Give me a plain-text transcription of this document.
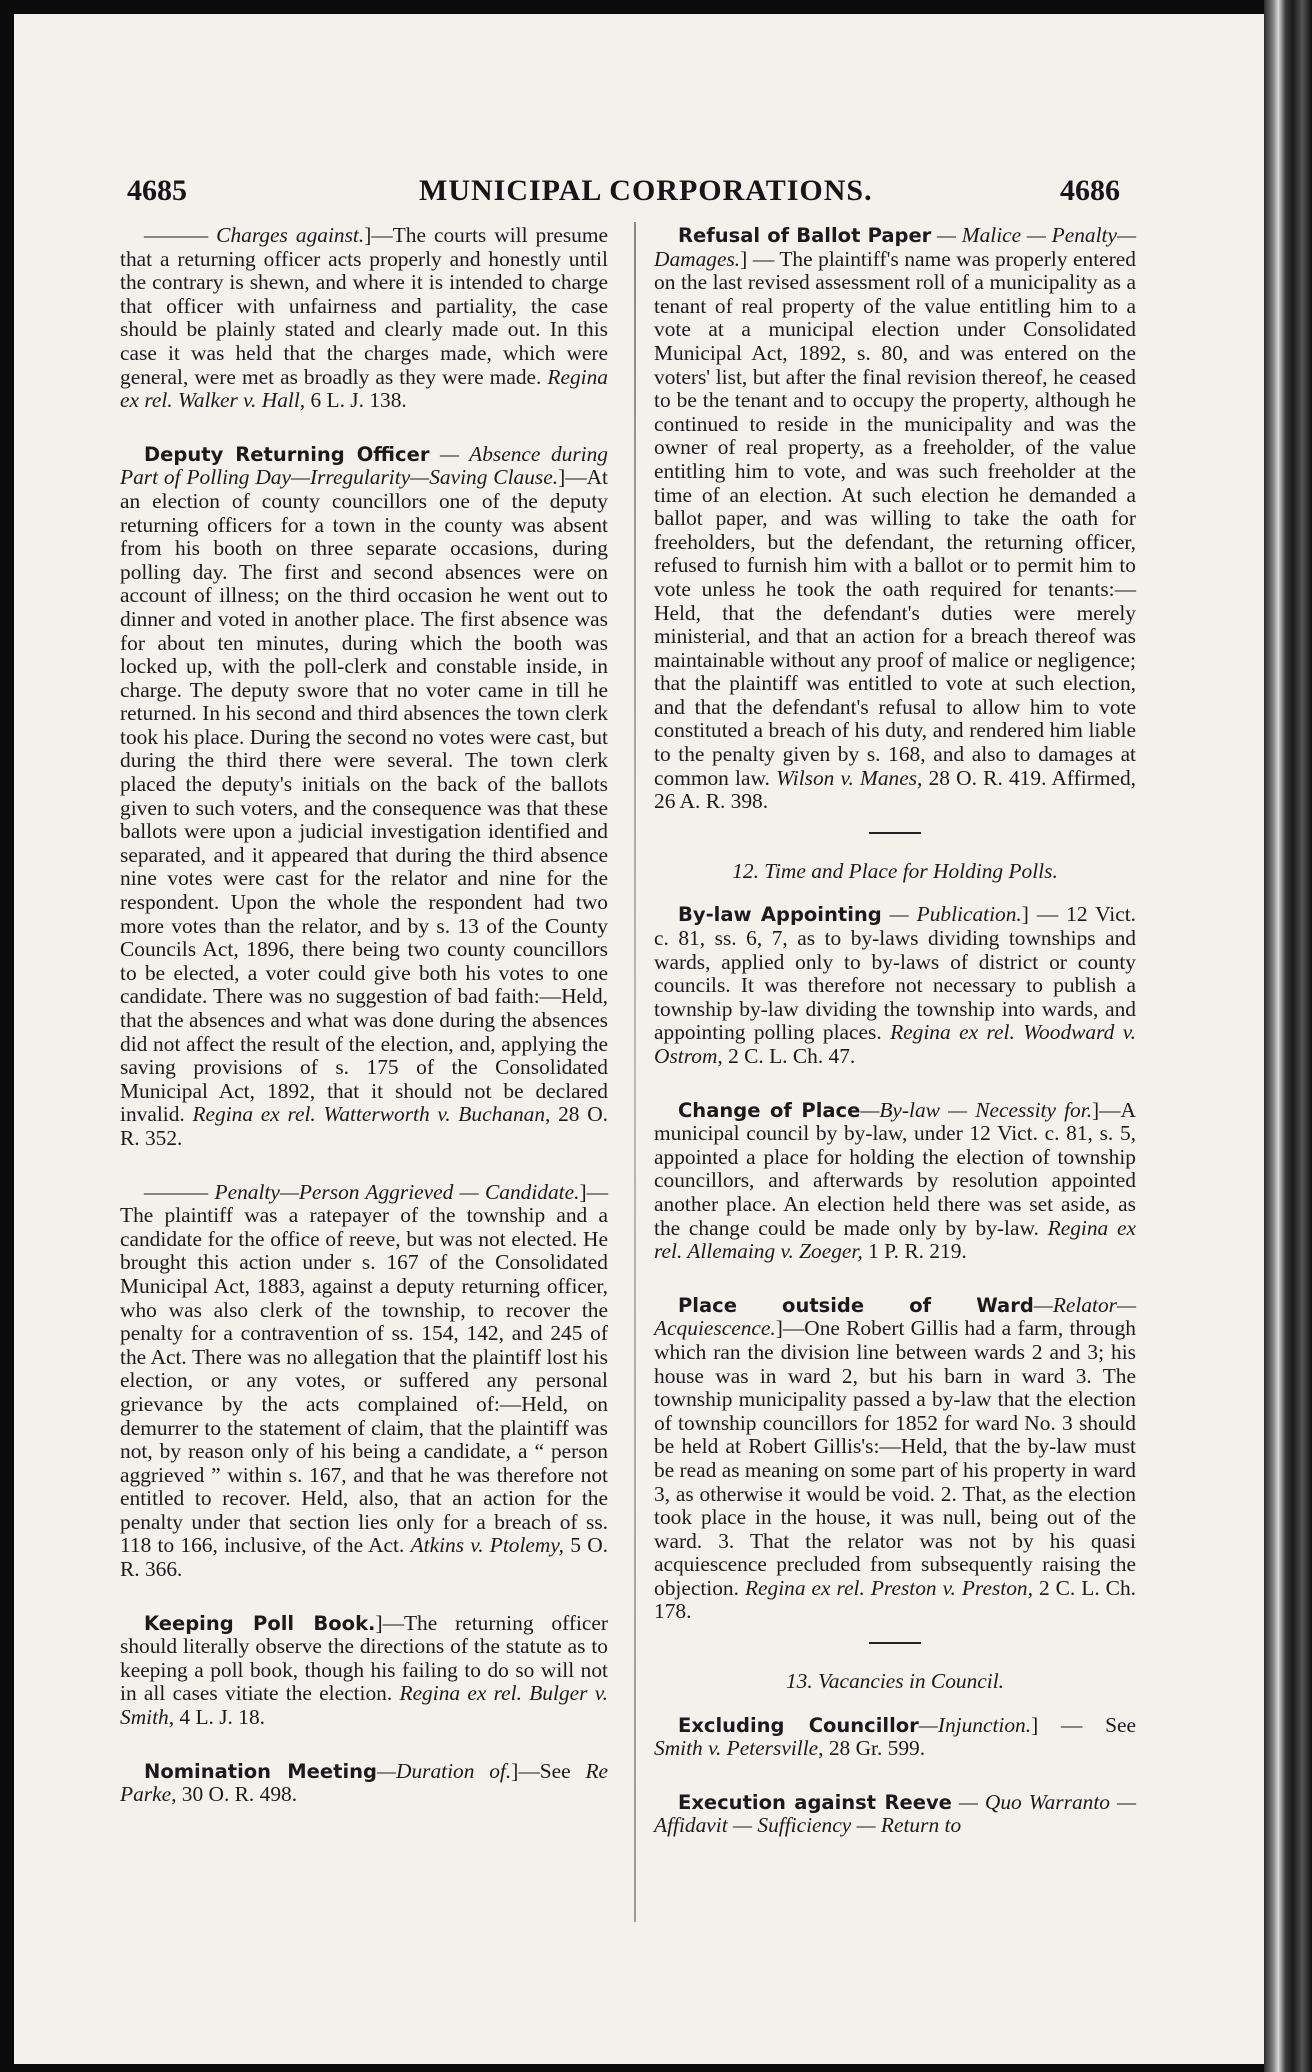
4685	MUNICIPAL CORPORATIONS.	4686

——— Charges against.]—The courts will presume that a returning officer acts properly and honestly until the contrary is shewn, and where it is intended to charge that officer with unfairness and partiality, the case should be plainly stated and clearly made out. In this case it was held that the charges made, which were general, were met as broadly as they were made. Regina ex rel. Walker v. Hall, 6 L. J. 138.

Deputy Returning Officer — Absence during Part of Polling Day—Irregularity—Saving Clause.]—At an election of county councillors one of the deputy returning officers for a town in the county was absent from his booth on three separate occasions, during polling day. The first and second absences were on account of illness; on the third occasion he went out to dinner and voted in another place. The first absence was for about ten minutes, during which the booth was locked up, with the poll-clerk and constable inside, in charge. The deputy swore that no voter came in till he returned. In his second and third absences the town clerk took his place. During the second no votes were cast, but during the third there were several. The town clerk placed the deputy's initials on the back of the ballots given to such voters, and the consequence was that these ballots were upon a judicial investigation identified and separated, and it appeared that during the third absence nine votes were cast for the relator and nine for the respondent. Upon the whole the respondent had two more votes than the relator, and by s. 13 of the County Councils Act, 1896, there being two county councillors to be elected, a voter could give both his votes to one candidate. There was no suggestion of bad faith:—Held, that the absences and what was done during the absences did not affect the result of the election, and, applying the saving provisions of s. 175 of the Consolidated Municipal Act, 1892, that it should not be declared invalid. Regina ex rel. Watterworth v. Buchanan, 28 O. R. 352.

——— Penalty—Person Aggrieved — Candidate.]—The plaintiff was a ratepayer of the township and a candidate for the office of reeve, but was not elected. He brought this action under s. 167 of the Consolidated Municipal Act, 1883, against a deputy returning officer, who was also clerk of the township, to recover the penalty for a contravention of ss. 154, 142, and 245 of the Act. There was no allegation that the plaintiff lost his election, or any votes, or suffered any personal grievance by the acts complained of:—Held, on demurrer to the statement of claim, that the plaintiff was not, by reason only of his being a candidate, a “ person aggrieved ” within s. 167, and that he was therefore not entitled to recover. Held, also, that an action for the penalty under that section lies only for a breach of ss. 118 to 166, inclusive, of the Act. Atkins v. Ptolemy, 5 O. R. 366.

Keeping Poll Book.]—The returning officer should literally observe the directions of the statute as to keeping a poll book, though his failing to do so will not in all cases vitiate the election. Regina ex rel. Bulger v. Smith, 4 L. J. 18.

Nomination Meeting—Duration of.]—See Re Parke, 30 O. R. 498.

Refusal of Ballot Paper — Malice — Penalty—Damages.] — The plaintiff's name was properly entered on the last revised assessment roll of a municipality as a tenant of real property of the value entitling him to a vote at a municipal election under Consolidated Municipal Act, 1892, s. 80, and was entered on the voters' list, but after the final revision thereof, he ceased to be the tenant and to occupy the property, although he continued to reside in the municipality and was the owner of real property, as a freeholder, of the value entitling him to vote, and was such freeholder at the time of an election. At such election he demanded a ballot paper, and was willing to take the oath for freeholders, but the defendant, the returning officer, refused to furnish him with a ballot or to permit him to vote unless he took the oath required for tenants:—Held, that the defendant's duties were merely ministerial, and that an action for a breach thereof was maintainable without any proof of malice or negligence; that the plaintiff was entitled to vote at such election, and that the defendant's refusal to allow him to vote constituted a breach of his duty, and rendered him liable to the penalty given by s. 168, and also to damages at common law. Wilson v. Manes, 28 O. R. 419. Affirmed, 26 A. R. 398.

12. Time and Place for Holding Polls.

By-law Appointing — Publication.] — 12 Vict. c. 81, ss. 6, 7, as to by-laws dividing townships and wards, applied only to by-laws of district or county councils. It was therefore not necessary to publish a township by-law dividing the township into wards, and appointing polling places. Regina ex rel. Woodward v. Ostrom, 2 C. L. Ch. 47.

Change of Place—By-law — Necessity for.]—A municipal council by by-law, under 12 Vict. c. 81, s. 5, appointed a place for holding the election of township councillors, and afterwards by resolution appointed another place. An election held there was set aside, as the change could be made only by by-law. Regina ex rel. Allemaing v. Zoeger, 1 P. R. 219.

Place outside of Ward—Relator—Acquiescence.]—One Robert Gillis had a farm, through which ran the division line between wards 2 and 3; his house was in ward 2, but his barn in ward 3. The township municipality passed a by-law that the election of township councillors for 1852 for ward No. 3 should be held at Robert Gillis's:—Held, that the by-law must be read as meaning on some part of his property in ward 3, as otherwise it would be void. 2. That, as the election took place in the house, it was null, being out of the ward. 3. That the relator was not by his quasi acquiescence precluded from subsequently raising the objection. Regina ex rel. Preston v. Preston, 2 C. L. Ch. 178.

13. Vacancies in Council.

Excluding Councillor—Injunction.] — See Smith v. Petersville, 28 Gr. 599.

Execution against Reeve — Quo Warranto — Affidavit — Sufficiency — Return to
